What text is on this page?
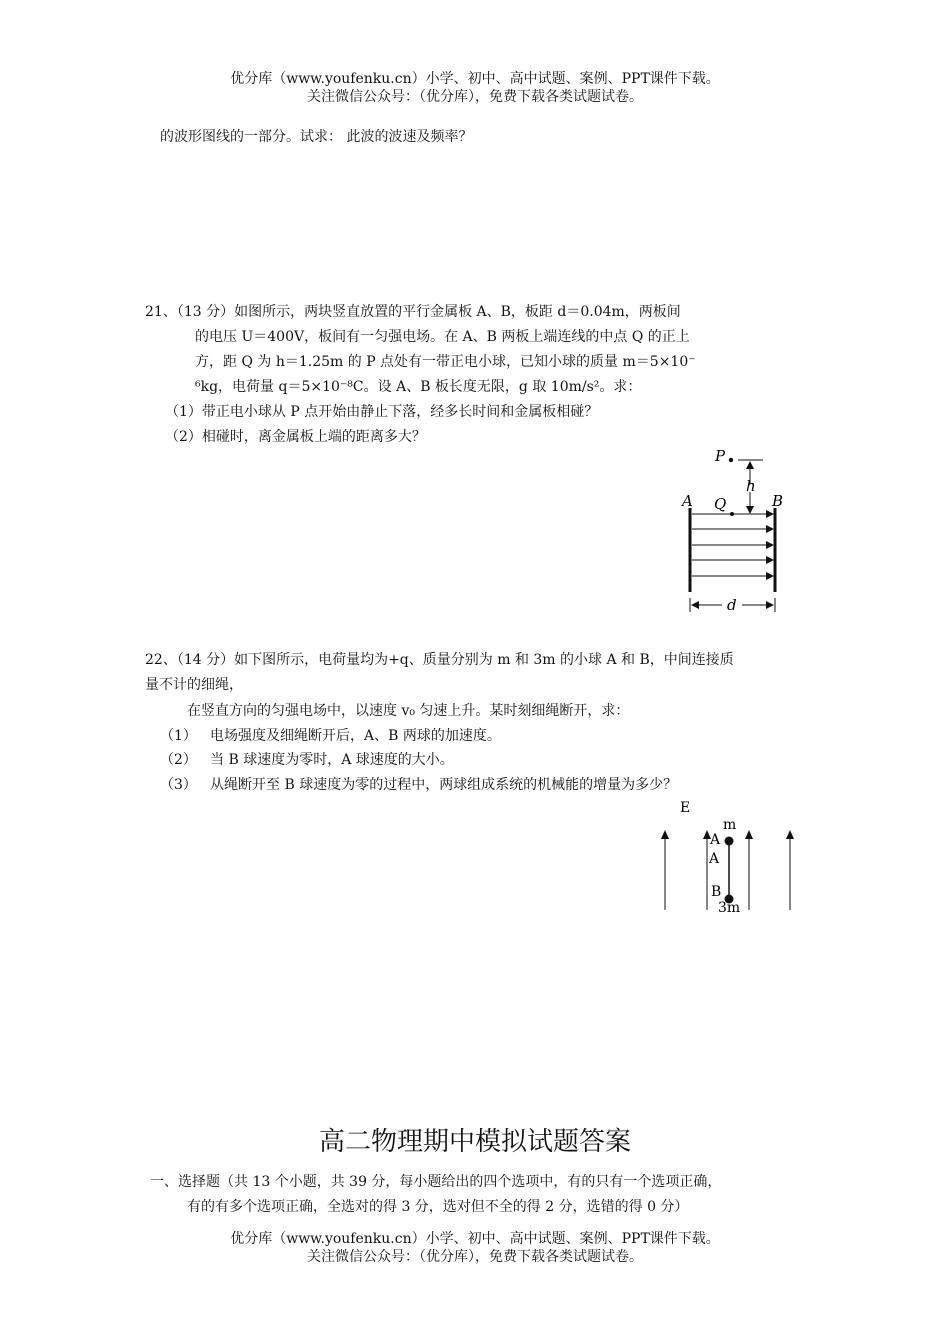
优分库（www.youfenku.cn）小学、初中、高中试题、案例、PPT课件下载。
关注微信公众号：（优分库），免费下载各类试题试卷。
的波形图线的一部分。试求： 此波的波速及频率？
21、（13 分）如图所示，两块竖直放置的平行金属板 A、B，板距 d＝0.04m，两板间
的电压 U＝400V，板间有一匀强电场。在 A、B 两板上端连线的中点 Q 的正上
方，距 Q 为 h＝1.25m 的 P 点处有一带正电小球，已知小球的质量 m＝5×10⁻
⁶kg，电荷量 q＝5×10⁻⁸C。设 A、B 板长度无限，g 取 10m/s²。求：
（1）带正电小球从 P 点开始由静止下落，经多长时间和金属板相碰？
（2）相碰时，离金属板上端的距离多大？
P
h
A Q	B
d
22、（14 分）如下图所示，电荷量均为+q、质量分别为 m 和 3m 的小球 A 和 B，中间连接质
量不计的细绳，
在竖直方向的匀强电场中，以速度 v₀ 匀速上升。某时刻细绳断开，求：
（1） 电场强度及细绳断开后，A、B 两球的加速度。
（2） 当 B 球速度为零时，A 球速度的大小。
（3） 从绳断开至 B 球速度为零的过程中，两球组成系统的机械能的增量为多少？
E
m
A
A
B
3m
高二物理期中模拟试题答案
一、选择题（共 13 个小题，共 39 分，每小题给出的四个选项中，有的只有一个选项正确，
有的有多个选项正确，全选对的得 3 分，选对但不全的得 2 分，选错的得 0 分）
优分库（www.youfenku.cn）小学、初中、高中试题、案例、PPT课件下载。
关注微信公众号：（优分库），免费下载各类试题试卷。
